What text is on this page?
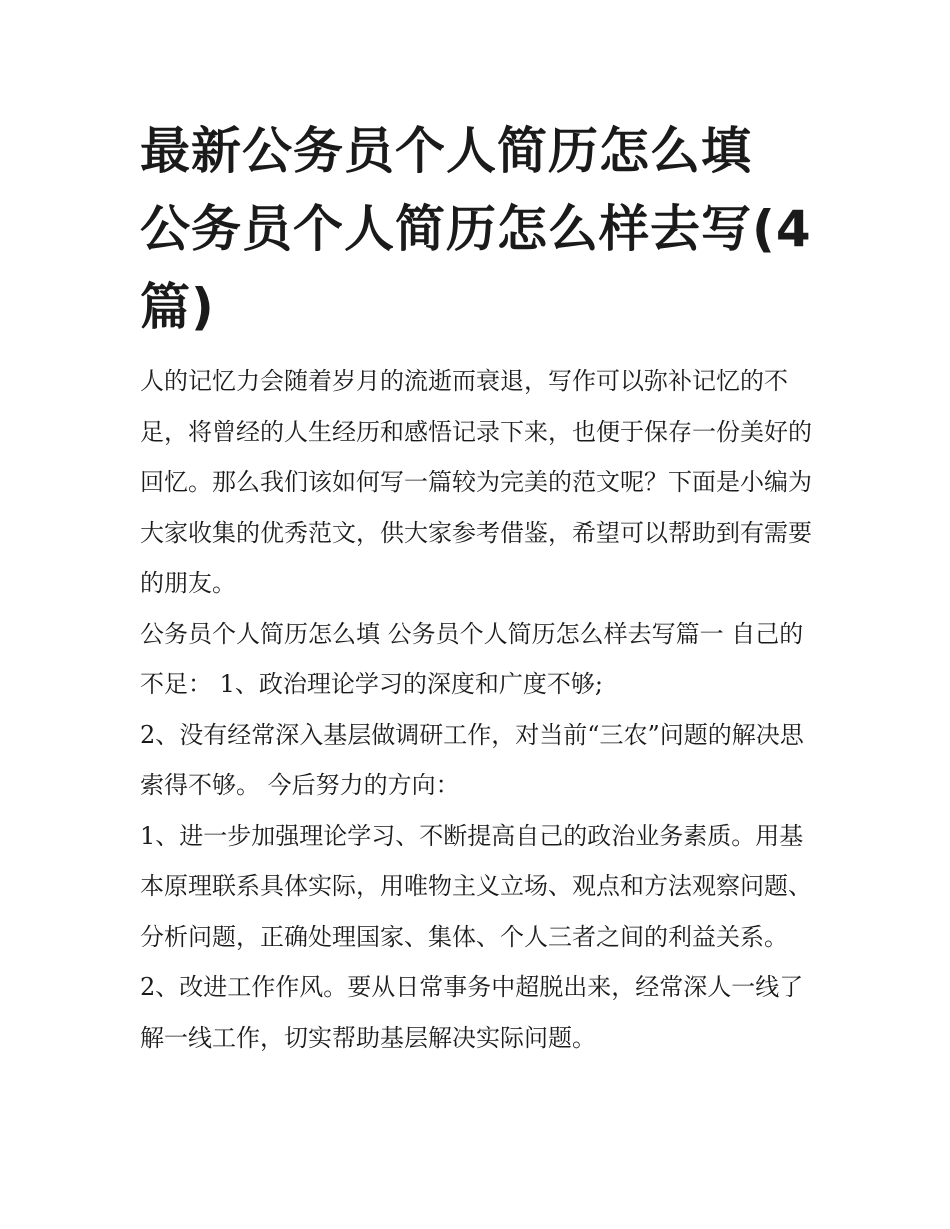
最新公务员个人简历怎么填 公务员个人简历怎么样去写(4篇)

人的记忆力会随着岁月的流逝而衰退，写作可以弥补记忆的不足，将曾经的人生经历和感悟记录下来，也便于保存一份美好的回忆。那么我们该如何写一篇较为完美的范文呢？下面是小编为大家收集的优秀范文，供大家参考借鉴，希望可以帮助到有需要的朋友。

公务员个人简历怎么填 公务员个人简历怎么样去写篇一 自己的不足： 1、政治理论学习的深度和广度不够;

2、没有经常深入基层做调研工作，对当前“三农”问题的解决思索得不够。 今后努力的方向：

1、进一步加强理论学习、不断提高自己的政治业务素质。用基本原理联系具体实际，用唯物主义立场、观点和方法观察问题、分析问题，正确处理国家、集体、个人三者之间的利益关系。

2、改进工作作风。要从日常事务中超脱出来，经常深人一线了解一线工作，切实帮助基层解决实际问题。
